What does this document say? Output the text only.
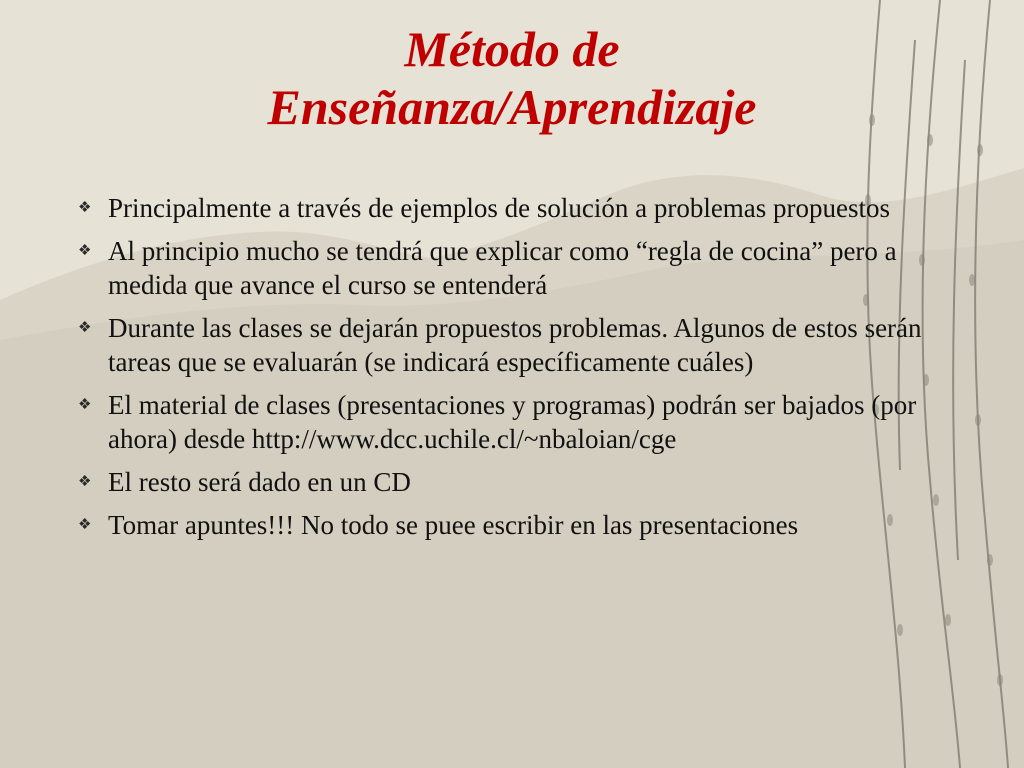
Método de
Enseñanza/Aprendizaje
❖ Principalmente a través de ejemplos de solución a problemas propuestos
❖ Al principio mucho se tendrá que explicar como “regla de cocina” pero a medida que avance el curso se entenderá
❖ Durante las clases se dejarán propuestos problemas. Algunos de estos serán tareas que se evaluarán (se indicará específicamente cuáles)
❖ El material de clases (presentaciones y programas) podrán ser bajados (por ahora) desde http://www.dcc.uchile.cl/~nbaloian/cge
❖ El resto será dado en un CD
❖ Tomar apuntes!!! No todo se puee escribir en las presentaciones
